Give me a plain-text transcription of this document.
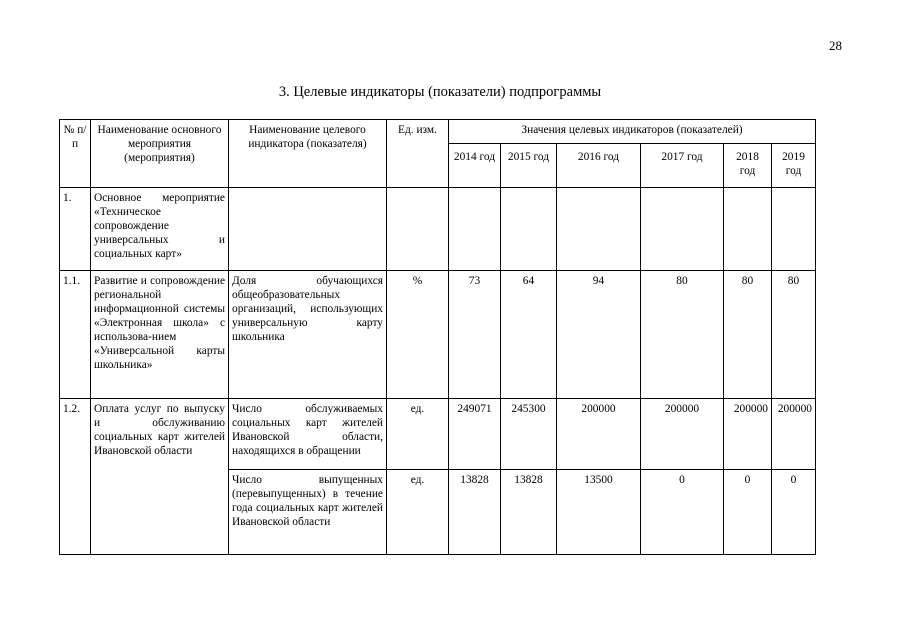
28
3. Целевые индикаторы (показатели) подпрограммы
№ п/п	Наименование основного мероприятия (мероприятия)	Наименование целевого индикатора (показателя)	Ед. изм.	Значения целевых индикаторов (показателей)					
				2014 год	2015 год	2016 год	2017 год	2018 год	2019 год
1.	Основное мероприятие «Техническое сопровождение универсальных и социальных карт»								
1.1.	Развитие и сопровождение региональной информационной системы «Электронная школа» с использова-нием «Универсальной карты школьника»	Доля обучающихся общеобразовательных организаций, использующих универсальную карту школьника	%	73	64	94	80	80	80
1.2.	Оплата услуг по выпуску и обслуживанию социальных карт жителей Ивановской области	Число обслуживаемых социальных карт жителей Ивановской области, находящихся в обращении	ед.	249071	245300	200000	200000	200000	200000
		Число выпущенных (перевыпущенных) в течение года социальных карт жителей Ивановской области	ед.	13828	13828	13500	0	0	0
